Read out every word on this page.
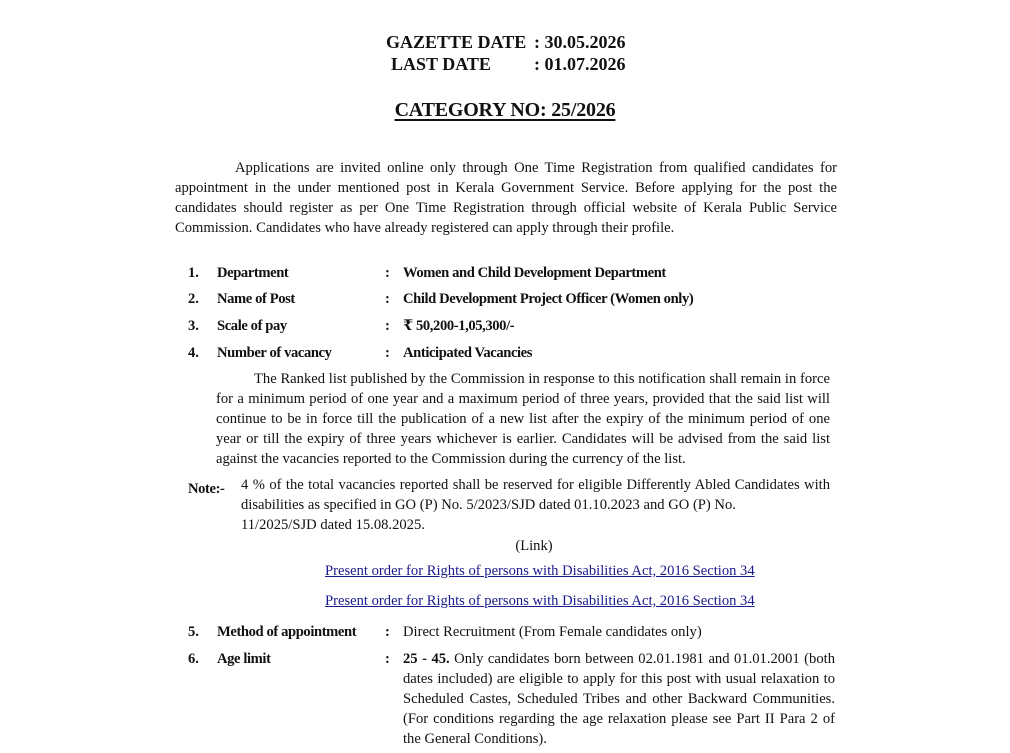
GAZETTE DATE : 30.05.2026
LAST DATE : 01.07.2026
CATEGORY NO: 25/2026

Applications are invited online only through One Time Registration from qualified candidates for appointment in the under mentioned post in Kerala Government Service. Before applying for the post the candidates should register as per One Time Registration through official website of Kerala Public Service Commission. Candidates who have already registered can apply through their profile.

1. Department	: Women and Child Development Department
2. Name of Post	: Child Development Project Officer (Women only)
3. Scale of pay	: ₹ 50,200-1,05,300/-
4. Number of vacancy	: Anticipated Vacancies

The Ranked list published by the Commission in response to this notification shall remain in force for a minimum period of one year and a maximum period of three years, provided that the said list will continue to be in force till the publication of a new list after the expiry of the minimum period of one year or till the expiry of three years whichever is earlier. Candidates will be advised from the said list against the vacancies reported to the Commission during the currency of the list.

Note:- 4 % of the total vacancies reported shall be reserved for eligible Differently Abled Candidates with disabilities as specified in GO (P) No. 5/2023/SJD dated 01.10.2023 and GO (P) No.

11/2025/SJD dated 15.08.2025.
(Link)
Present order for Rights of persons with Disabilities Act, 2016 Section 34
Present order for Rights of persons with Disabilities Act, 2016 Section 34
5. Method of appointment : Direct Recruitment (From Female candidates only)
6. Age limit	: 25 - 45. Only candidates born between 02.01.1981 and 01.01.2001 (both dates included) are eligible to apply for this post with usual relaxation to Scheduled Castes, Scheduled Tribes and other Backward Communities. (For conditions regarding the age relaxation please see Part II Para 2 of the General Conditions).
